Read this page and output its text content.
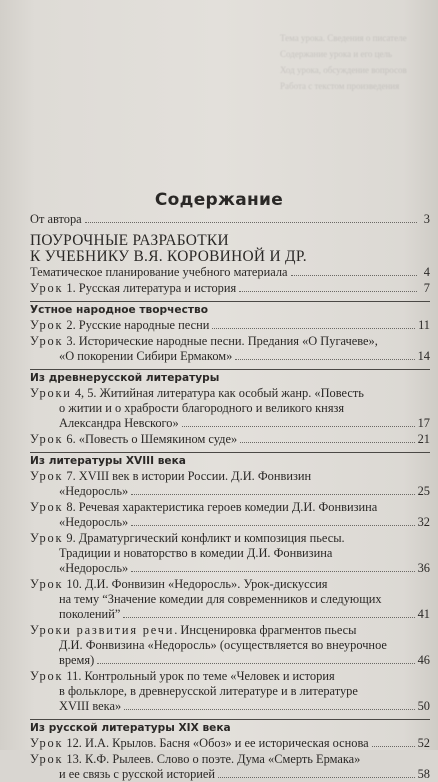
Тема урока. Сведения о писателе
Содержание урока и его цель
Ход урока, обсуждение вопросов
Работа с текстом произведения
Содержание
От автора	3
ПОУРОЧНЫЕ РАЗРАБОТКИ
К УЧЕБНИКУ В.Я. КОРОВИНОЙ И ДР.
Тематическое планирование учебного материала	4
Урок 1. Русская литература и история	7
Устное народное творчество
Урок 2. Русские народные песни	11
Урок 3. Исторические народные песни. Предания «О Пугачеве»,
«О покорении Сибири Ермаком»	14
Из древнерусской литературы
Уроки 4, 5. Житийная литература как особый жанр. «Повесть
о житии и о храбрости благородного и великого князя
Александра Невского»	17
Урок 6. «Повесть о Шемякином суде»	21
Из литературы XVIII века
Урок 7. XVIII век в истории России. Д.И. Фонвизин
«Недоросль»	25
Урок 8. Речевая характеристика героев комедии Д.И. Фонвизина
«Недоросль»	32
Урок 9. Драматургический конфликт и композиция пьесы.
Традиции и новаторство в комедии Д.И. Фонвизина
«Недоросль»	36
Урок 10. Д.И. Фонвизин «Недоросль». Урок-дискуссия
на тему “Значение комедии для современников и следующих
поколений”	41
Уроки развития речи. Инсценировка фрагментов пьесы
Д.И. Фонвизина «Недоросль» (осуществляется во внеурочное
время)	46
Урок 11. Контрольный урок по теме «Человек и история
в фольклоре, в древнерусской литературе и в литературе
XVIII века»	50
Из русской литературы XIX века
Урок 12. И.А. Крылов. Басня «Обоз» и ее историческая основа	52
Урок 13. К.Ф. Рылеев. Слово о поэте. Дума «Смерть Ермака»
и ее связь с русской историей	58
